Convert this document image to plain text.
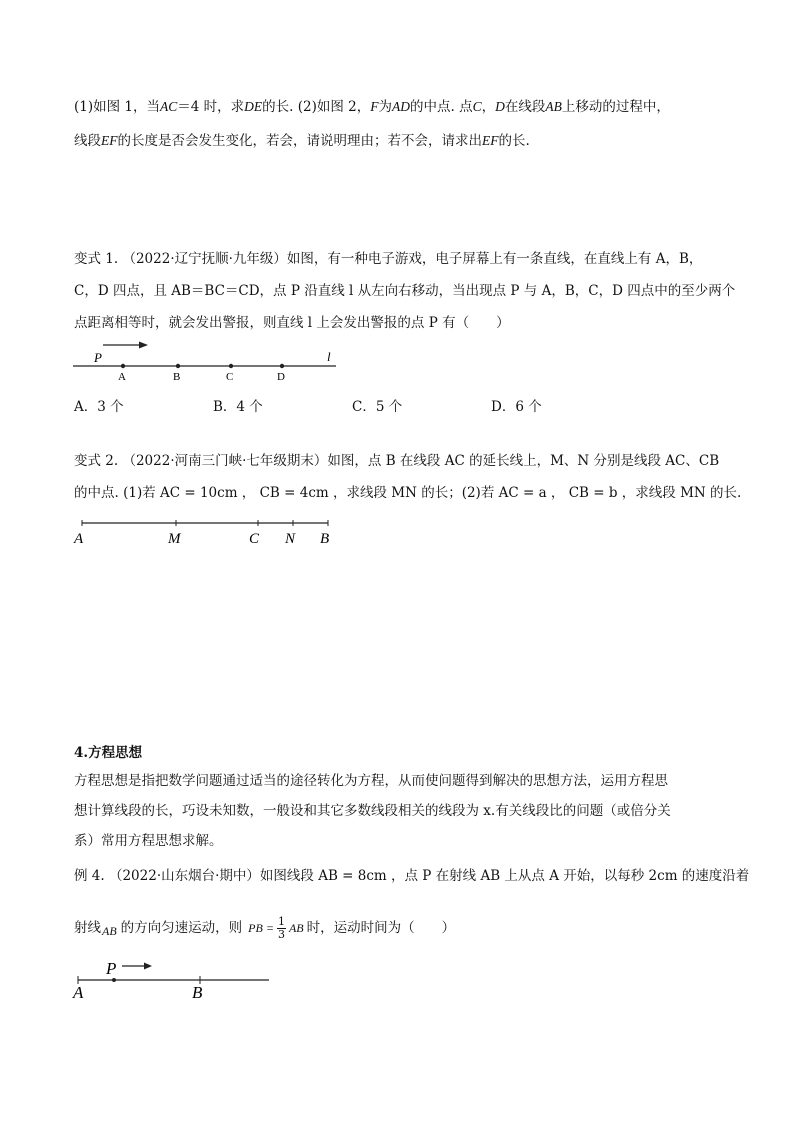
(1)如图 1，当AC＝4 时，求DE的长. (2)如图 2，F为AD的中点. 点C，D在线段AB上移动的过程中，
线段EF的长度是否会发生变化，若会，请说明理由；若不会，请求出EF的长.
变式 1. （2022·辽宁抚顺·九年级）如图，有一种电子游戏，电子屏幕上有一条直线，在直线上有 A，B，
C，D 四点，且 AB＝BC＝CD，点 P 沿直线 l 从左向右移动，当出现点 P 与 A，B，C，D 四点中的至少两个
点距离相等时，就会发出警报，则直线 l 上会发出警报的点 P 有（　　）
P
A	B	C	D
l
A．3 个	B．4 个	C．5 个	D．6 个
变式 2. （2022·河南三门峡·七年级期末）如图，点 B 在线段 AC 的延长线上，M、N 分别是线段 AC、CB
的中点. (1)若 AC = 10cm ， CB = 4cm ，求线段 MN 的长；(2)若 AC = a ， CB = b ，求线段 MN 的长.
A	M	C N B
4.方程思想
方程思想是指把数学问题通过适当的途径转化为方程，从而使问题得到解决的思想方法，运用方程思
想计算线段的长，巧设未知数，一般设和其它多数线段相关的线段为 x.有关线段比的问题（或倍分关
系）常用方程思想求解。
例 4. （2022·山东烟台·期中）如图线段 AB = 8cm ，点 P 在射线 AB 上从点 A 开始，以每秒 2cm 的速度沿着
射线 AB 的方向匀速运动，则 PB = 1
3 AB 时，运动时间为（　　）
P
A	B
